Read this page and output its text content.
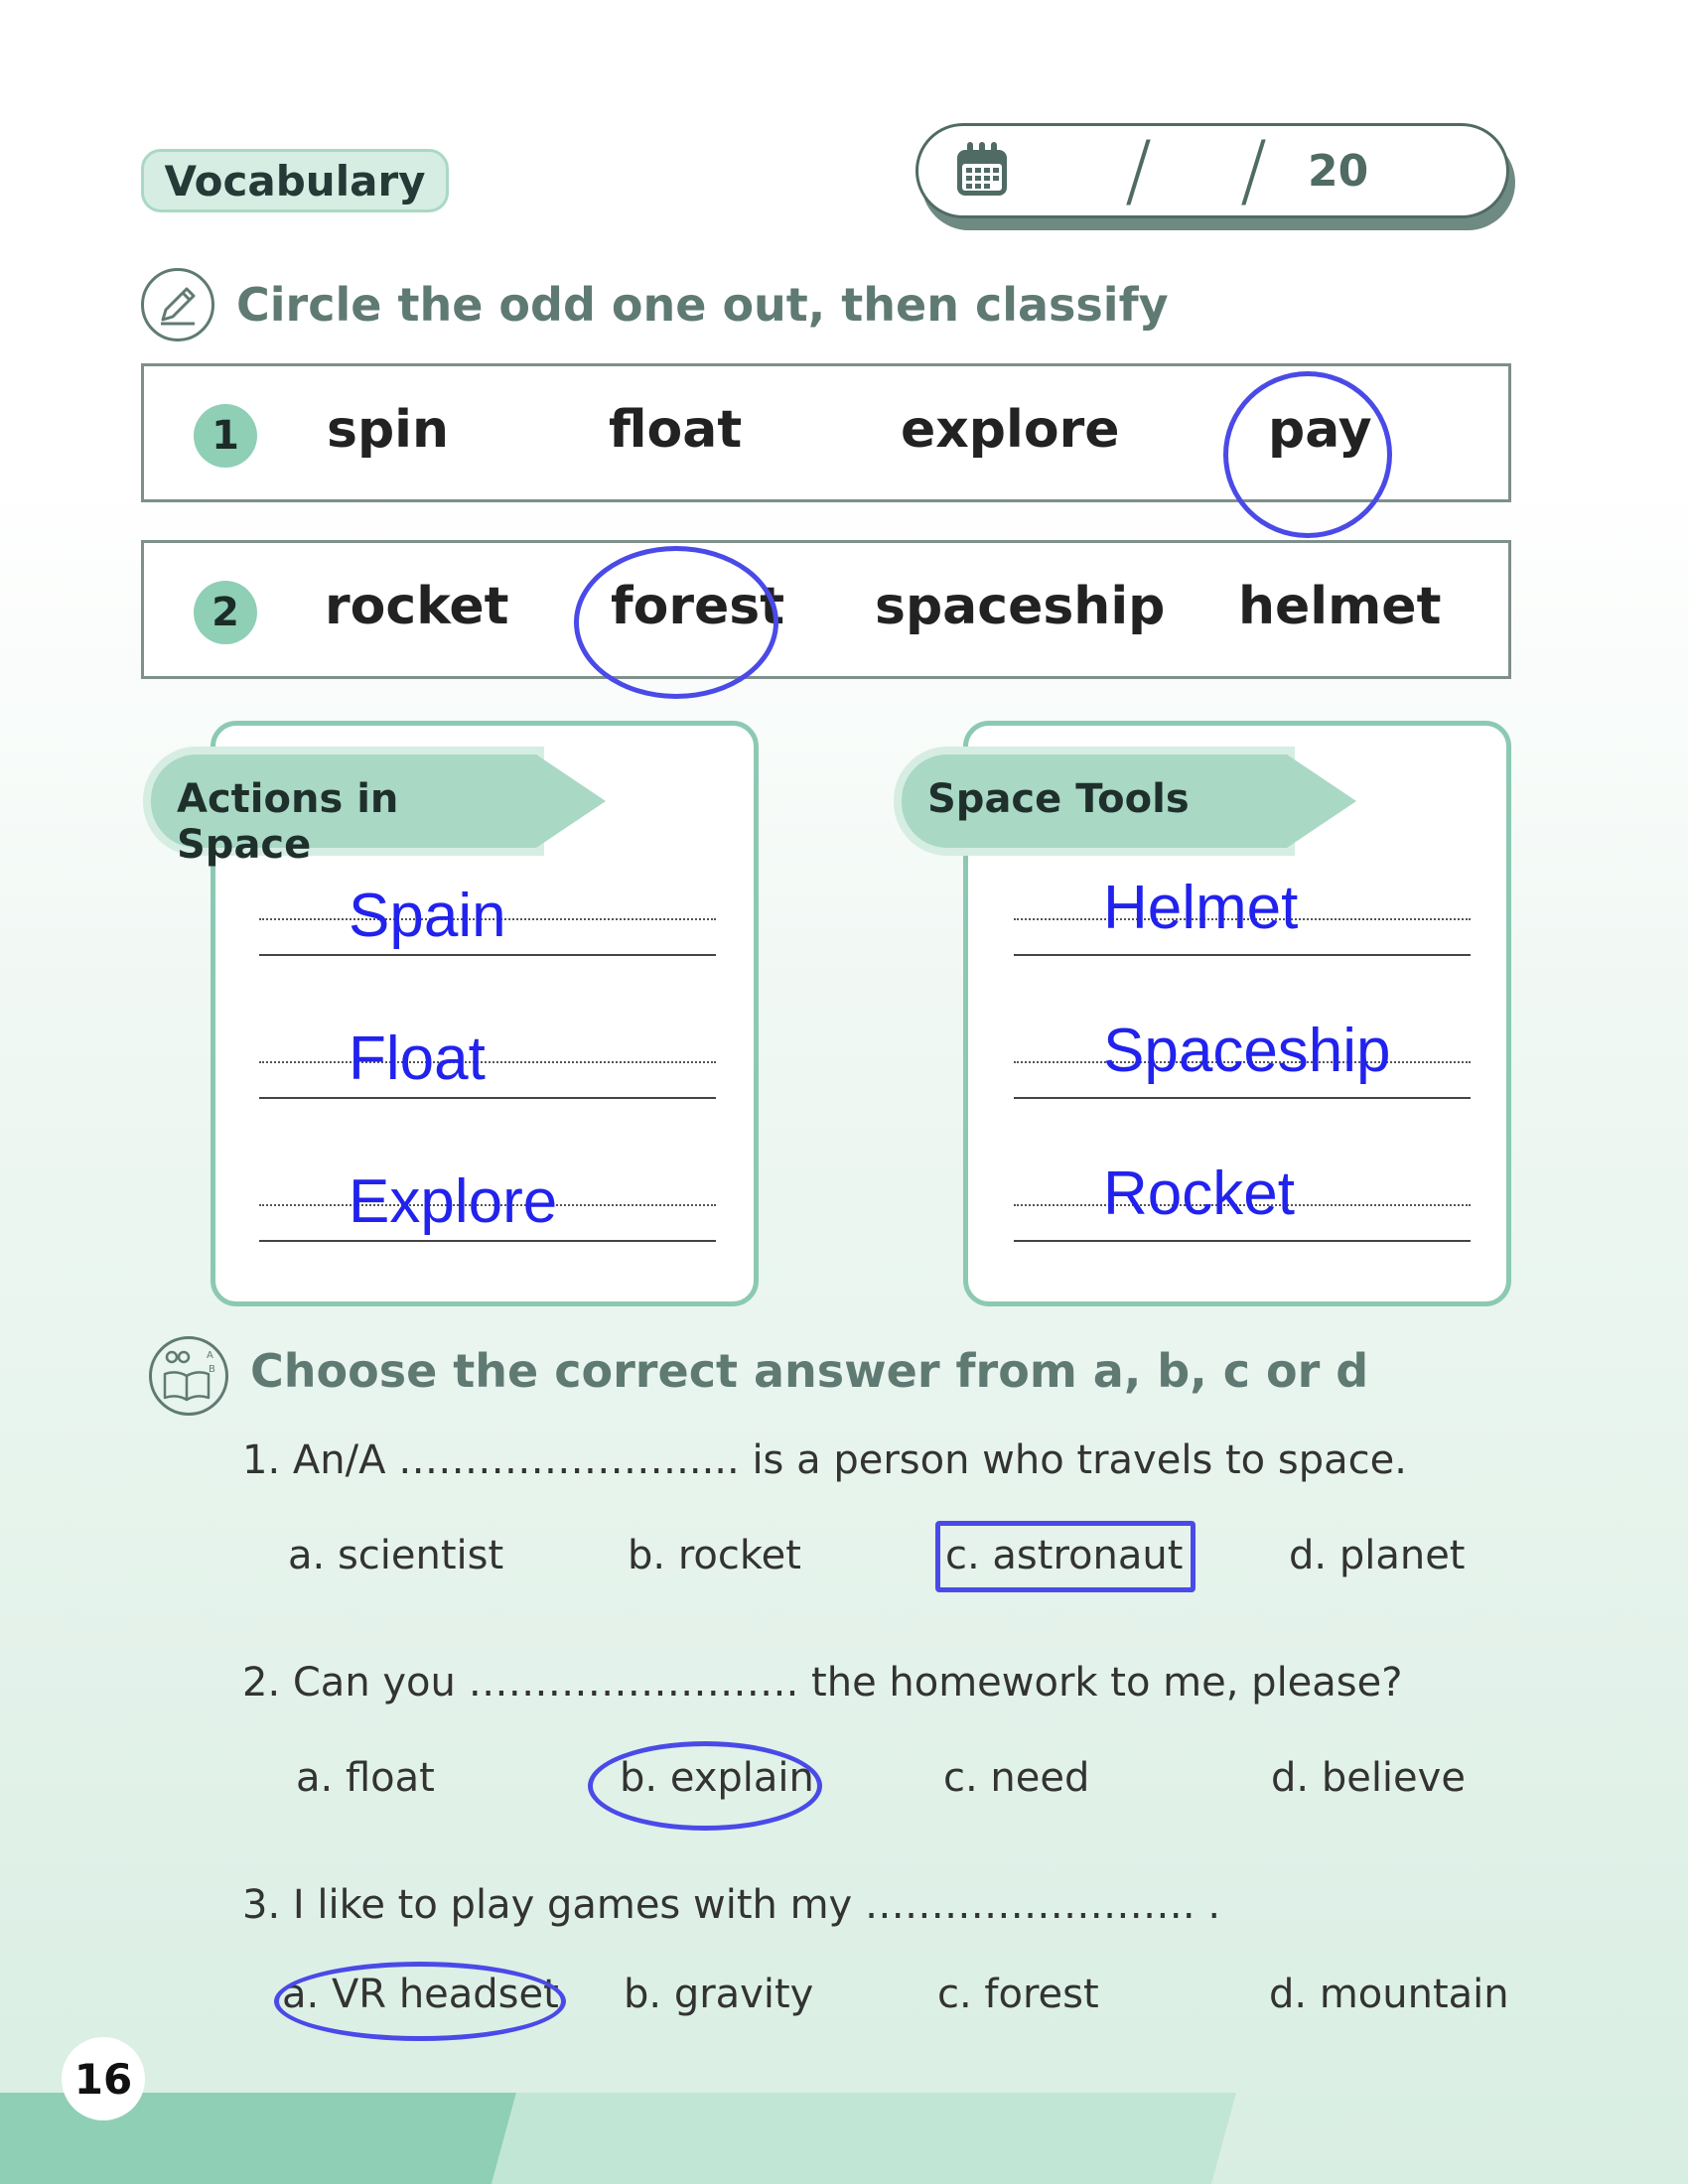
Vocabulary	/ / 20
Circle the odd one out, then classify
1	spin	float	explore	pay
2	rocket forest spaceship helmet
Spain
Float
Explore
Actions in Space
Helmet
Spaceship
Rocket
Space Tools
A
B Choose the correct answer from a, b, c or d
1. An/A …………………..... is a person who travels to space.
a. scientist	b. rocket	c. astronaut	d. planet
2. Can you ……………………. the homework to me, please?
a. float	b. explain	c. need	d. believe
3. I like to play games with my ……………………. .
a. VR headset b. gravity	c. forest	d. mountain
16
